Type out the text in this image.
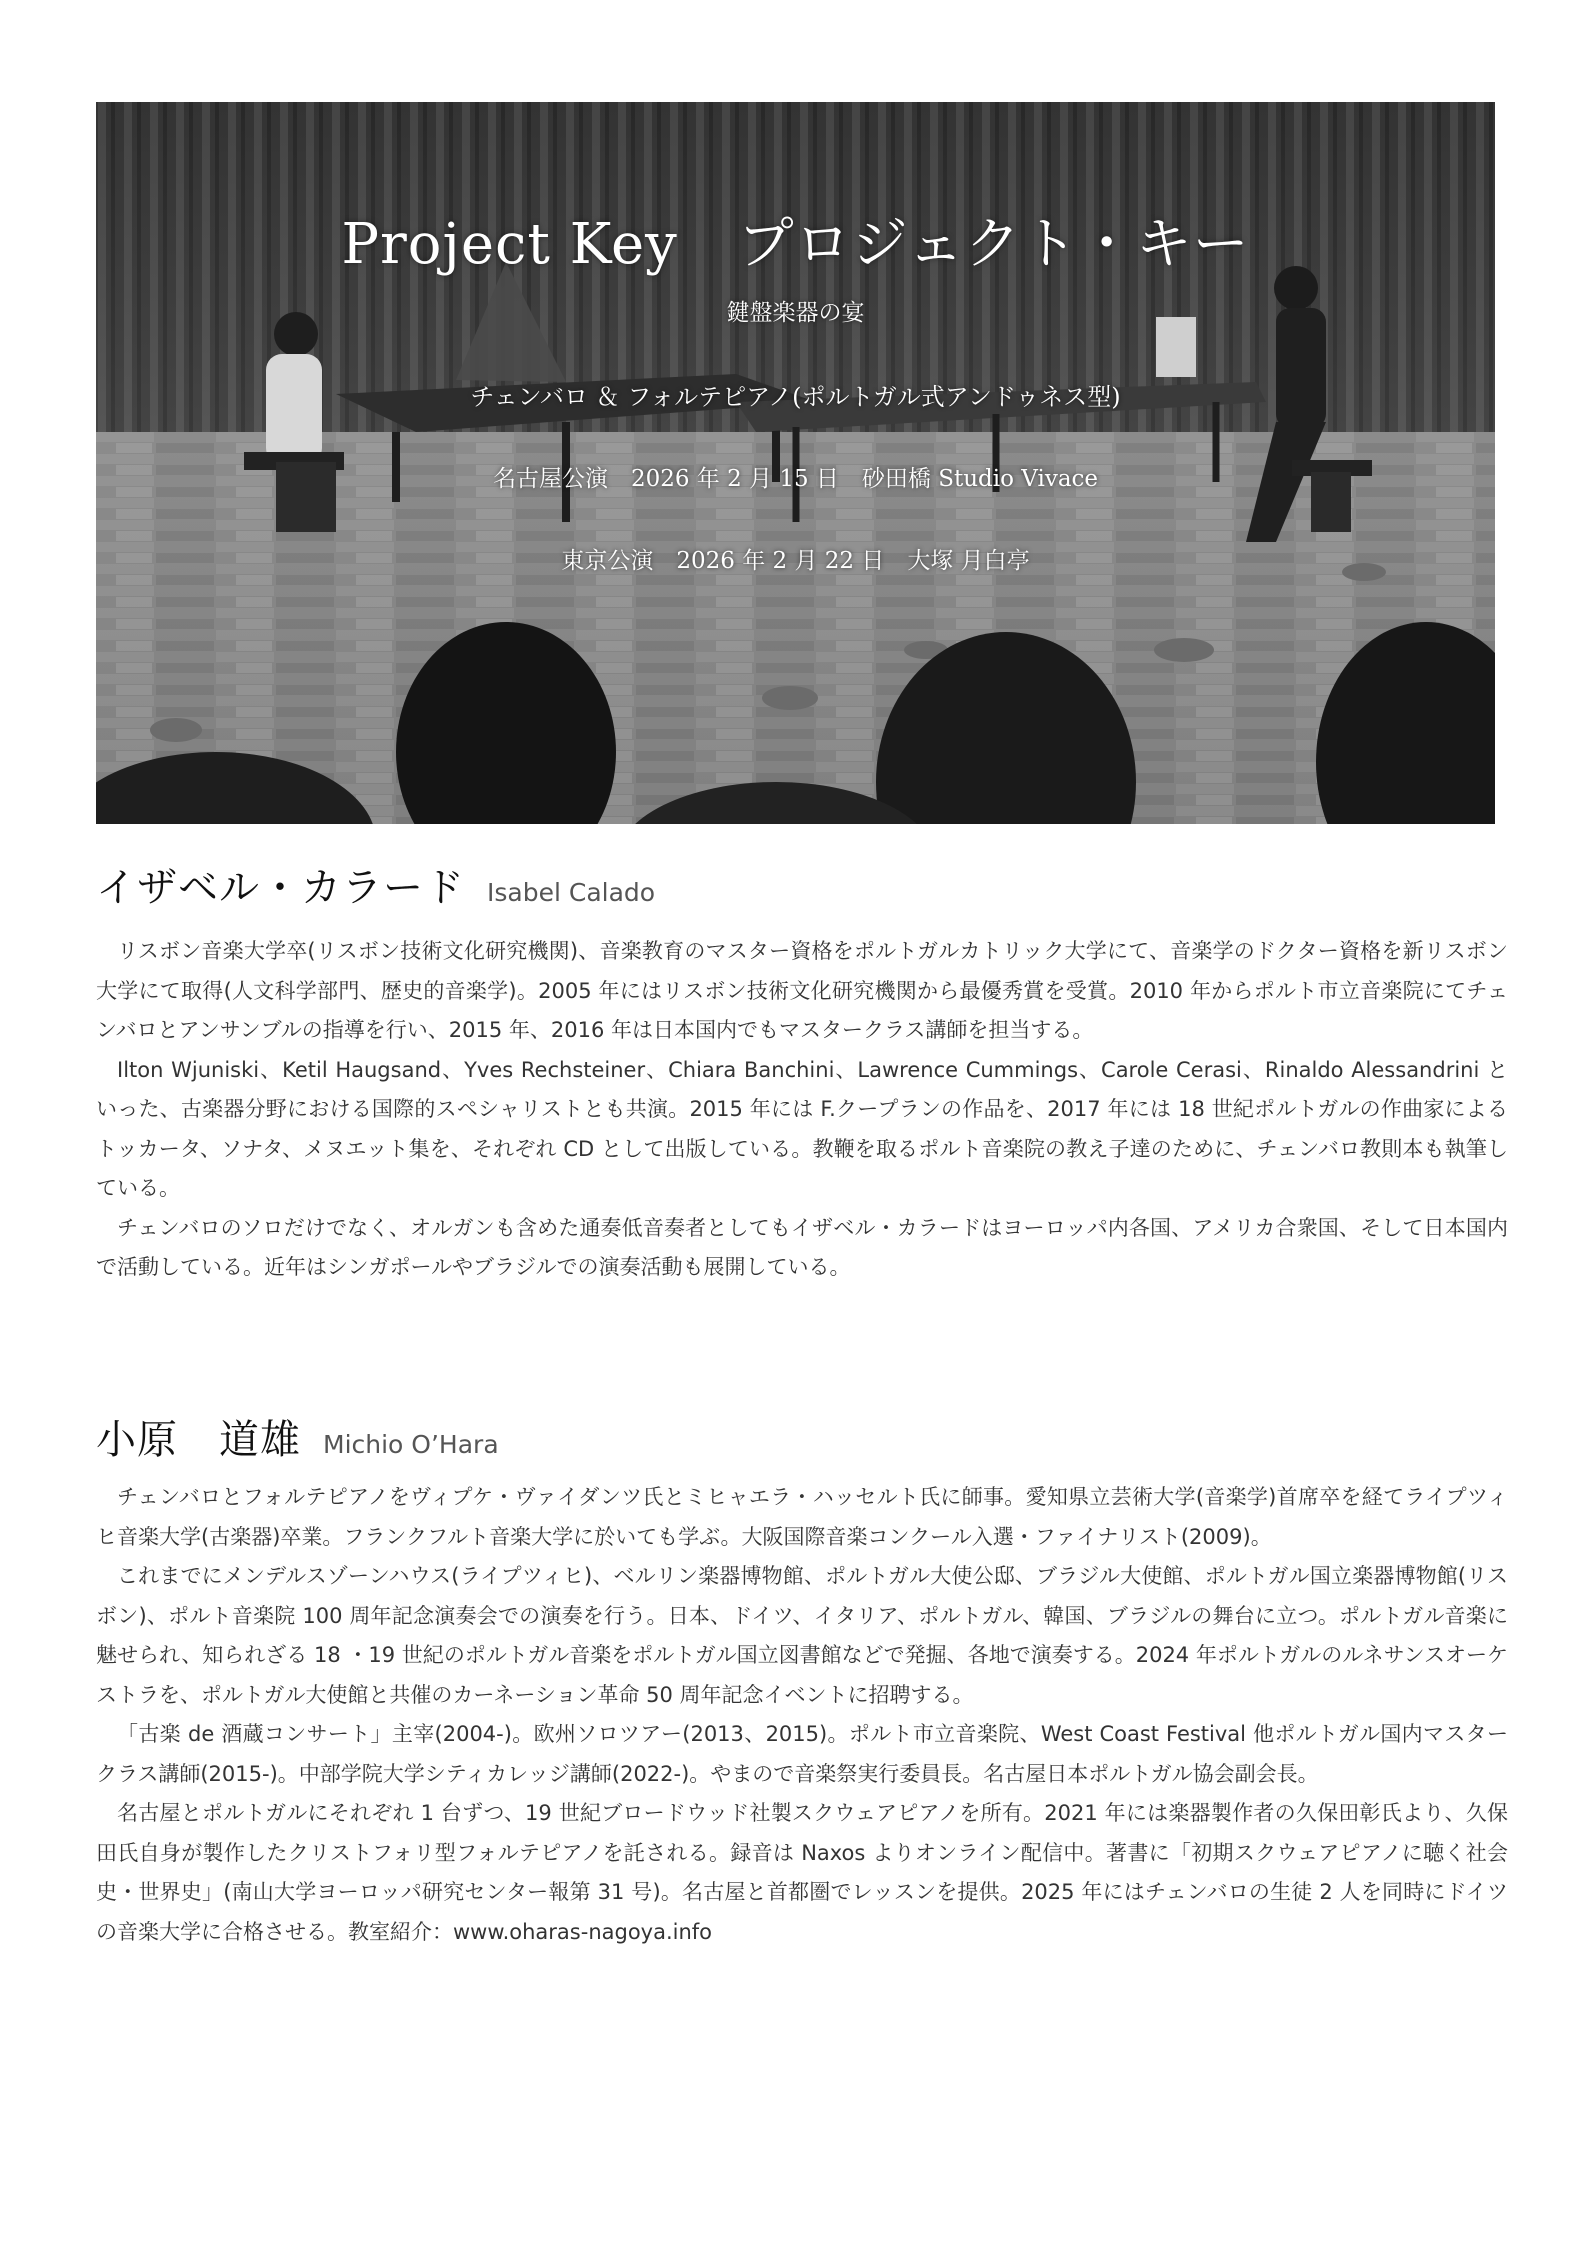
Project Key プロジェクト・キー
鍵盤楽器の宴
チェンバロ ＆ フォルテピアノ(ポルトガル式アンドゥネス型)
名古屋公演　2026 年 2 月 15 日　砂田橋 Studio Vivace
東京公演　2026 年 2 月 22 日　大塚 月白亭
イザベル・カラード Isabel Calado

リスボン音楽大学卒(リスボン技術文化研究機関)、音楽教育のマスター資格をポルトガルカトリック大学にて、音楽学のドクター資格を新リスボン大学にて取得(人文科学部門、歴史的音楽学)。2005 年にはリスボン技術文化研究機関から最優秀賞を受賞。2010 年からポルト市立音楽院にてチェンバロとアンサンブルの指導を行い、2015 年、2016 年は日本国内でもマスタークラス講師を担当する。

Ilton Wjuniski、Ketil Haugsand、Yves Rechsteiner、Chiara Banchini、Lawrence Cummings、Carole Cerasi、Rinaldo Alessandrini といった、古楽器分野における国際的スペシャリストとも共演。2015 年には F.クープランの作品を、2017 年には 18 世紀ポルトガルの作曲家によるトッカータ、ソナタ、メヌエット集を、それぞれ CD として出版している。教鞭を取るポルト音楽院の教え子達のために、チェンバロ教則本も執筆している。

チェンバロのソロだけでなく、オルガンも含めた通奏低音奏者としてもイザベル・カラードはヨーロッパ内各国、アメリカ合衆国、そして日本国内で活動している。近年はシンガポールやブラジルでの演奏活動も展開している。

小原　道雄 Michio O’Hara

チェンバロとフォルテピアノをヴィプケ・ヴァイダンツ氏とミヒャエラ・ハッセルト氏に師事。愛知県立芸術大学(音楽学)首席卒を経てライプツィヒ音楽大学(古楽器)卒業。フランクフルト音楽大学に於いても学ぶ。大阪国際音楽コンクール入選・ファイナリスト(2009)。

これまでにメンデルスゾーンハウス(ライプツィヒ)、ベルリン楽器博物館、ポルトガル大使公邸、ブラジル大使館、ポルトガル国立楽器博物館(リスボン)、ポルト音楽院 100 周年記念演奏会での演奏を行う。日本、ドイツ、イタリア、ポルトガル、韓国、ブラジルの舞台に立つ。ポルトガル音楽に魅せられ、知られざる 18 ・19 世紀のポルトガル音楽をポルトガル国立図書館などで発掘、各地で演奏する。2024 年ポルトガルのルネサンスオーケストラを、ポルトガル大使館と共催のカーネーション革命 50 周年記念イベントに招聘する。

「古楽 de 酒蔵コンサート」主宰(2004-)。欧州ソロツアー(2013、2015)。ポルト市立音楽院、West Coast Festival 他ポルトガル国内マスタークラス講師(2015-)。中部学院大学シティカレッジ講師(2022-)。やまので音楽祭実行委員長。名古屋日本ポルトガル協会副会長。

名古屋とポルトガルにそれぞれ 1 台ずつ、19 世紀ブロードウッド社製スクウェアピアノを所有。2021 年には楽器製作者の久保田彰氏より、久保田氏自身が製作したクリストフォリ型フォルテピアノを託される。録音は Naxos よりオンライン配信中。著書に「初期スクウェアピアノに聴く社会史・世界史」(南山大学ヨーロッパ研究センター報第 31 号)。名古屋と首都圏でレッスンを提供。2025 年にはチェンバロの生徒 2 人を同時にドイツの音楽大学に合格させる。教室紹介：www.oharas-nagoya.info
